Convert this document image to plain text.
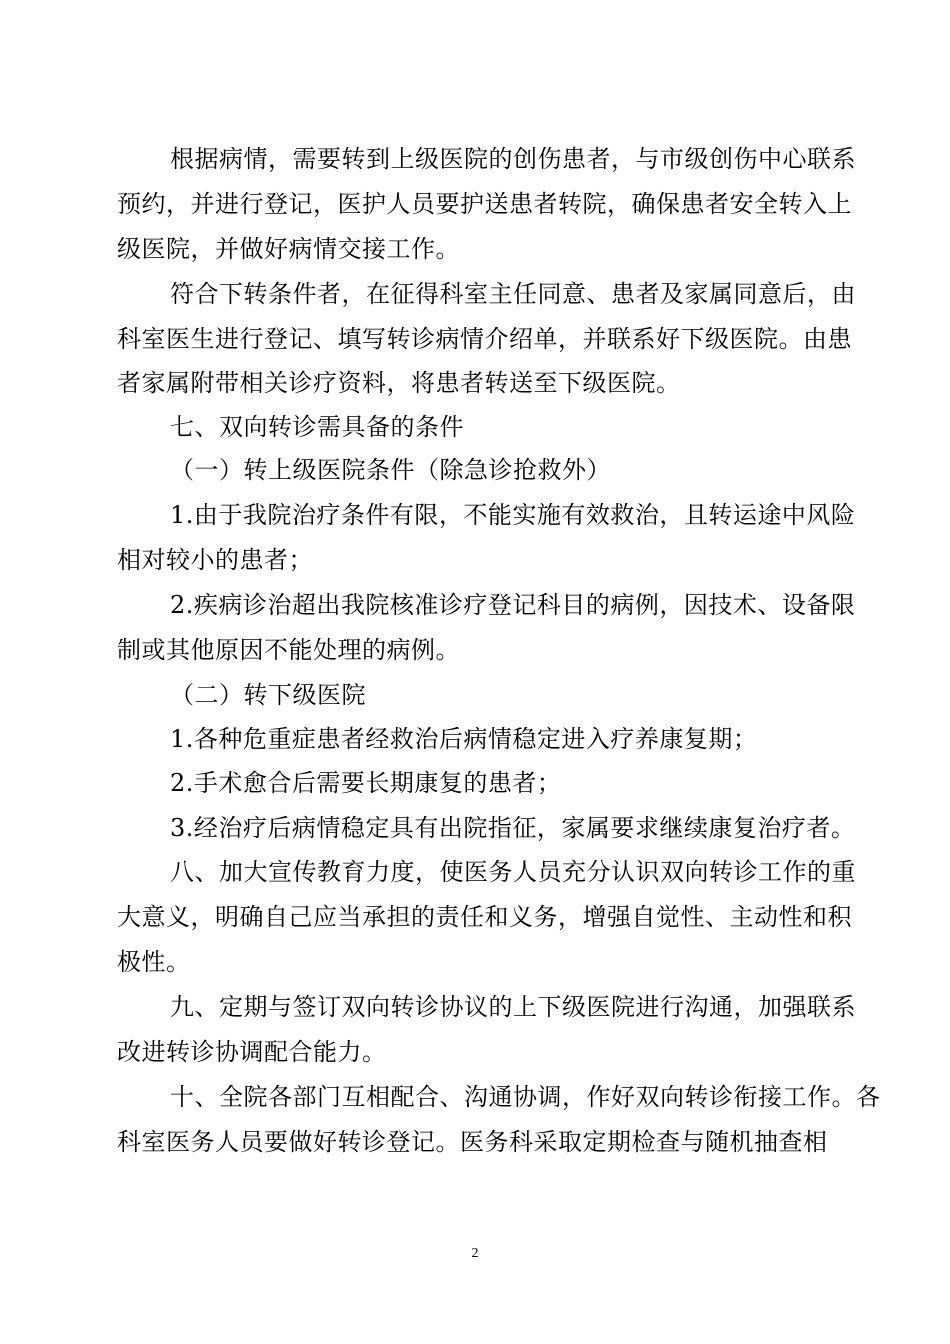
根据病情，需要转到上级医院的创伤患者，与市级创伤中心联系
预约，并进行登记，医护人员要护送患者转院，确保患者安全转入上
级医院，并做好病情交接工作。
符合下转条件者，在征得科室主任同意、患者及家属同意后，由
科室医生进行登记、填写转诊病情介绍单，并联系好下级医院。由患
者家属附带相关诊疗资料，将患者转送至下级医院。
七、双向转诊需具备的条件
（一）转上级医院条件（除急诊抢救外）
1.由于我院治疗条件有限，不能实施有效救治，且转运途中风险
相对较小的患者；
2.疾病诊治超出我院核准诊疗登记科目的病例，因技术、设备限
制或其他原因不能处理的病例。
（二）转下级医院
1.各种危重症患者经救治后病情稳定进入疗养康复期；
2.手术愈合后需要长期康复的患者；
3.经治疗后病情稳定具有出院指征，家属要求继续康复治疗者。
八、加大宣传教育力度，使医务人员充分认识双向转诊工作的重
大意义，明确自己应当承担的责任和义务，增强自觉性、主动性和积
极性。
九、定期与签订双向转诊协议的上下级医院进行沟通，加强联系
改进转诊协调配合能力。
十、全院各部门互相配合、沟通协调，作好双向转诊衔接工作。各
科室医务人员要做好转诊登记。医务科采取定期检查与随机抽查相
2
